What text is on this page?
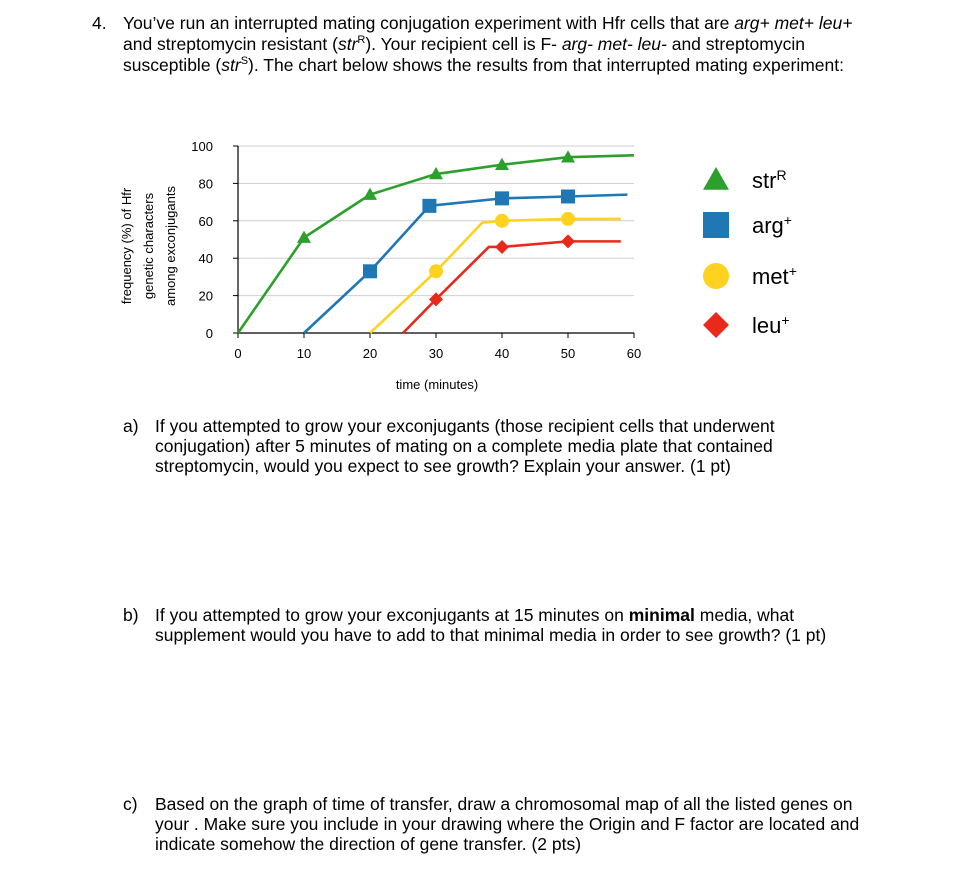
4. You’ve run an interrupted mating conjugation experiment with Hfr cells that are arg+ met+ leu+ and streptomycin resistant (str$^R$). Your recipient cell is F- arg- met- leu- and streptomycin susceptible (str$^S$). The chart below shows the results from that interrupted mating experiment:
0
20
40
60
80
100
0	10	20	30	40	50	60
time (minutes)
frequency (%) of Hfr genetic characters among exconjugants
str$^R$
arg+
met+
leu+
a) If you attempted to grow your exconjugants (those recipient cells that underwent conjugation) after 5 minutes of mating on a complete media plate that contained streptomycin, would you expect to see growth? Explain your answer. (1 pt)
b) If you attempted to grow your exconjugants at 15 minutes on minimal media, what supplement would you have to add to that minimal media in order to see growth? (1 pt)
c) Based on the graph of time of transfer, draw a chromosomal map of all the listed genes on your . Make sure you include in your drawing where the Origin and F factor are located and indicate somehow the direction of gene transfer. (2 pts)
